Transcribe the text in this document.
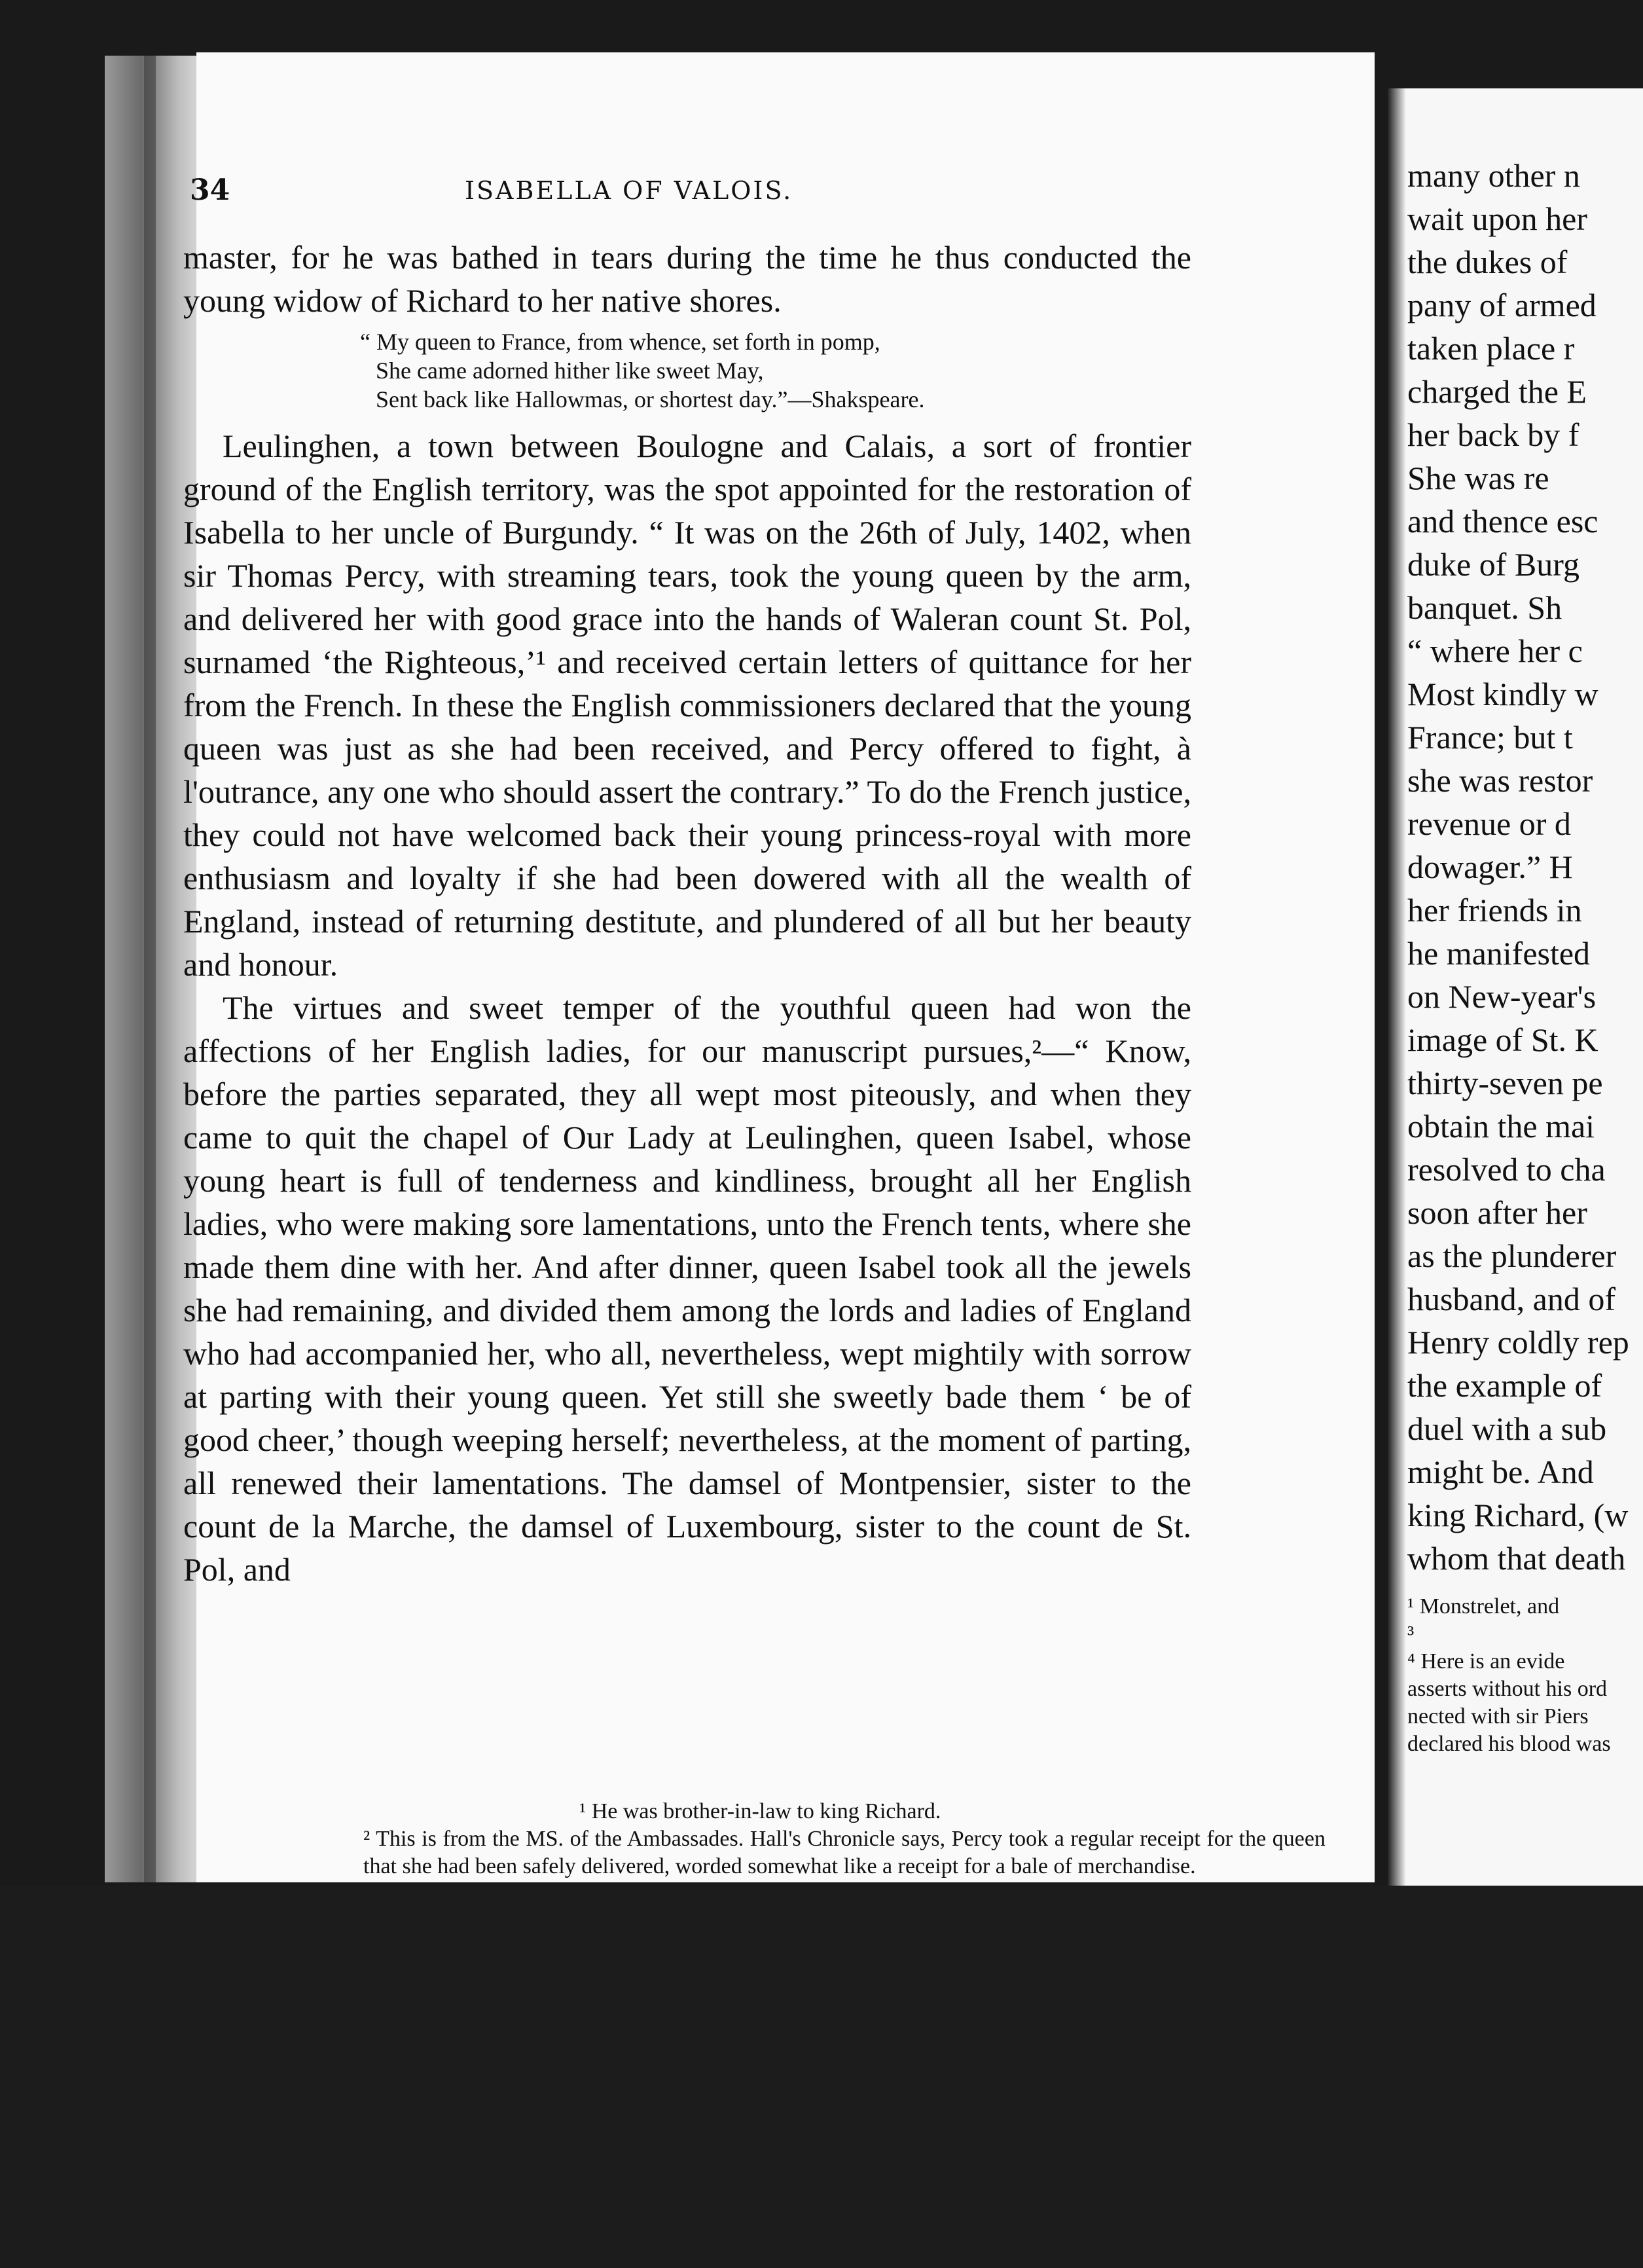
many other n
wait upon her
the dukes of
pany of armed
taken place r
charged the E
her back by f
She was re
and thence esc
duke of Burg
banquet. Sh
“ where her c
Most kindly w
France; but t
she was restor
revenue or d
dowager.” H
her friends in
he manifested
on New-year's
image of St. K
thirty-seven pe
obtain the mai
resolved to cha
soon after her
as the plunderer
husband, and of
Henry coldly rep
the example of
duel with a sub
might be. And
king Richard, (w
whom that death
¹ Monstrelet, and
³
⁴ Here is an evide
asserts without his ord
nected with sir Piers
declared his blood was
34	ISABELLA OF VALOIS.

master, for he was bathed in tears during the time he thus conducted the young widow of Richard to her native shores.

“ My queen to France, from whence, set forth in pomp,
She came adorned hither like sweet May,
Sent back like Hallowmas, or shortest day.”—Shakspeare.

Leulinghen, a town between Boulogne and Calais, a sort of frontier ground of the English territory, was the spot appointed for the restoration of Isabella to her uncle of Burgundy. “ It was on the 26th of July, 1402, when sir Thomas Percy, with streaming tears, took the young queen by the arm, and delivered her with good grace into the hands of Waleran count St. Pol, surnamed ‘the Righteous,’¹ and received certain letters of quittance for her from the French. In these the English commissioners declared that the young queen was just as she had been received, and Percy offered to fight, à l'outrance, any one who should assert the contrary.” To do the French justice, they could not have welcomed back their young princess-royal with more enthusiasm and loyalty if she had been dowered with all the wealth of England, instead of returning destitute, and plundered of all but her beauty and honour.

The virtues and sweet temper of the youthful queen had won the affections of her English ladies, for our manuscript pursues,²—“ Know, before the parties separated, they all wept most piteously, and when they came to quit the chapel of Our Lady at Leulinghen, queen Isabel, whose young heart is full of tenderness and kindliness, brought all her English ladies, who were making sore lamentations, unto the French tents, where she made them dine with her. And after dinner, queen Isabel took all the jewels she had remaining, and divided them among the lords and ladies of England who had accompanied her, who all, nevertheless, wept mightily with sorrow at parting with their young queen. Yet still she sweetly bade them ‘ be of good cheer,’ though weeping herself; nevertheless, at the moment of parting, all renewed their lamentations. The damsel of Montpensier, sister to the count de la Marche, the damsel of Luxembourg, sister to the count de St. Pol, and

¹ He was brother-in-law to king Richard.
² This is from the MS. of the Ambassades. Hall's Chronicle says, Percy took a regular receipt for the queen that she had been safely delivered, worded somewhat like a receipt for a bale of merchandise.
